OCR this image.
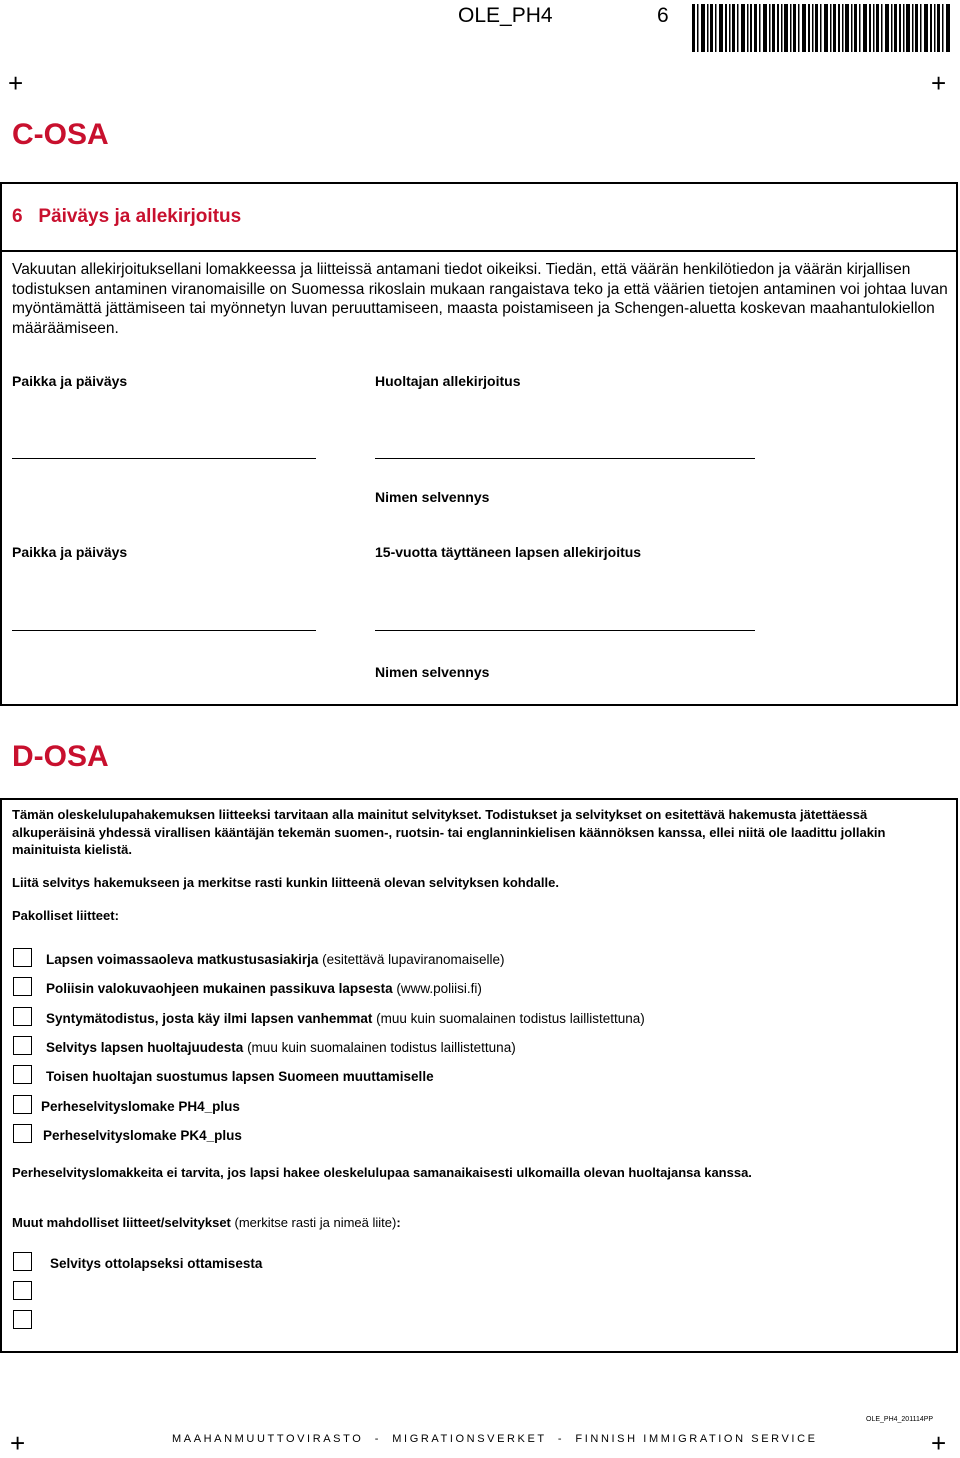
OLE_PH4	6
+	+
+	+
C-OSA
6   Päiväys ja allekirjoitus
Vakuutan allekirjoituksellani lomakkeessa ja liitteissä antamani tiedot oikeiksi. Tiedän, että väärän henkilötiedon ja väärän kirjallisen todistuksen antaminen viranomaisille on Suomessa rikoslain mukaan rangaistava teko ja että väärien tietojen antaminen voi johtaa luvan myöntämättä jättämiseen tai myönnetyn luvan peruuttamiseen, maasta poistamiseen ja Schengen-aluetta koskevan maahantulokiellon määräämiseen.
Paikka ja päiväys	Huoltajan allekirjoitus
Nimen selvennys
Paikka ja päiväys	15-vuotta täyttäneen lapsen allekirjoitus
Nimen selvennys
D-OSA
Tämän oleskelulupahakemuksen liitteeksi tarvitaan alla mainitut selvitykset. Todistukset ja selvitykset on esitettävä hakemusta jätettäessä alkuperäisinä yhdessä virallisen kääntäjän tekemän suomen-, ruotsin- tai englanninkielisen käännöksen kanssa, ellei niitä ole laadittu jollakin mainituista kielistä.
Liitä selvitys hakemukseen ja merkitse rasti kunkin liitteenä olevan selvityksen kohdalle.
Pakolliset liitteet:
Lapsen voimassaoleva matkustusasiakirja (esitettävä lupaviranomaiselle)
Poliisin valokuvaohjeen mukainen passikuva lapsesta (www.poliisi.fi)
Syntymätodistus, josta käy ilmi lapsen vanhemmat (muu kuin suomalainen todistus laillistettuna)
Selvitys lapsen huoltajuudesta (muu kuin suomalainen todistus laillistettuna)
Toisen huoltajan suostumus lapsen Suomeen muuttamiselle
Perheselvityslomake PH4_plus
Perheselvityslomake PK4_plus
Perheselvityslomakkeita ei tarvita, jos lapsi hakee oleskelulupaa samanaikaisesti ulkomailla olevan huoltajansa kanssa.
Muut mahdolliset liitteet/selvitykset (merkitse rasti ja nimeä liite):
Selvitys ottolapseksi ottamisesta
OLE_PH4_201114PP
MAAHANMUUTTOVIRASTO  -  MIGRATIONSVERKET  -  FINNISH IMMIGRATION SERVICE
